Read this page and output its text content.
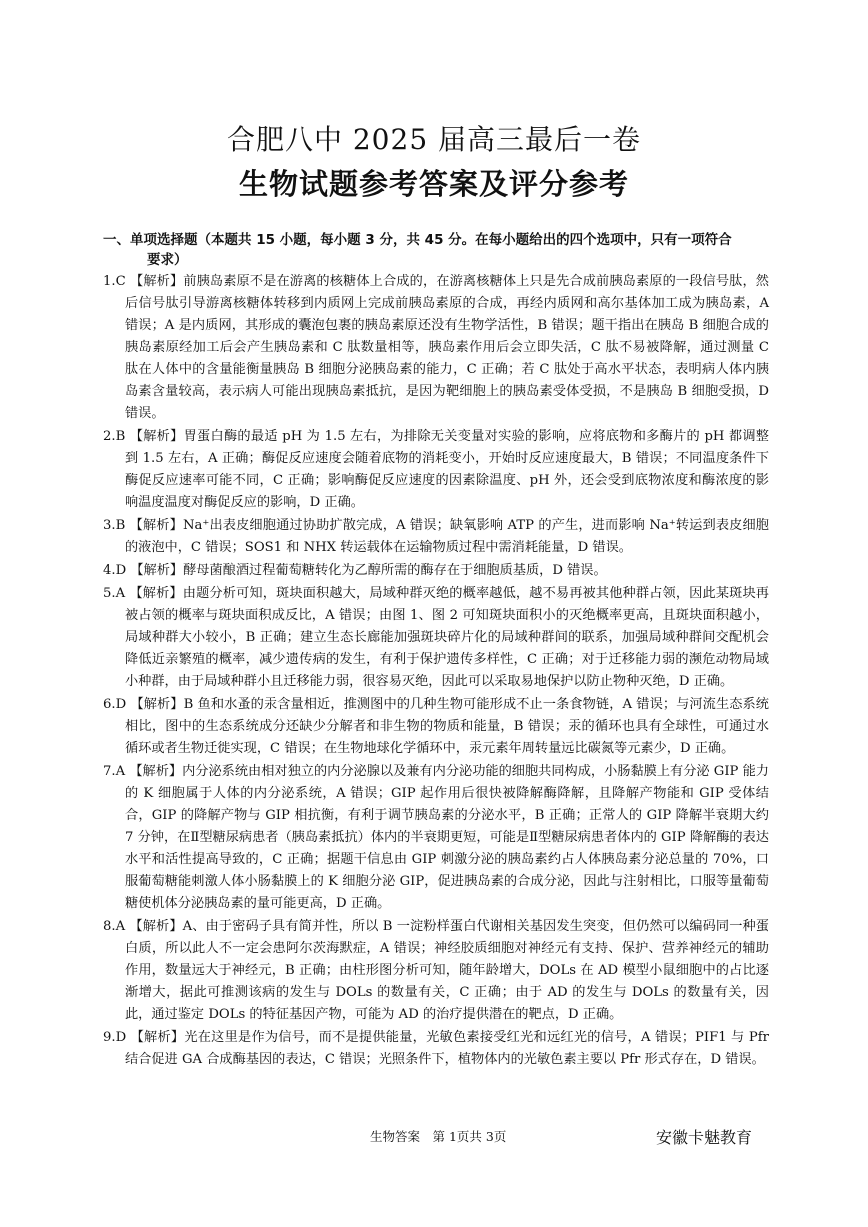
合肥八中 2025 届高三最后一卷
生物试题参考答案及评分参考
一、单项选择题（本题共 15 小题，每小题 3 分，共 45 分。在每小题给出的四个选项中，只有一项符合
要求）

1.C 【解析】前胰岛素原不是在游离的核糖体上合成的，在游离核糖体上只是先合成前胰岛素原的一段信号肽，然后信号肽引导游离核糖体转移到内质网上完成前胰岛素原的合成，再经内质网和高尔基体加工成为胰岛素，A 错误；A 是内质网，其形成的囊泡包裹的胰岛素原还没有生物学活性，B 错误；题干指出在胰岛 B 细胞合成的胰岛素原经加工后会产生胰岛素和 C 肽数量相等，胰岛素作用后会立即失活，C 肽不易被降解，通过测量 C 肽在人体中的含量能衡量胰岛 B 细胞分泌胰岛素的能力，C 正确；若 C 肽处于高水平状态，表明病人体内胰岛素含量较高，表示病人可能出现胰岛素抵抗，是因为靶细胞上的胰岛素受体受损，不是胰岛 B 细胞受损，D 错误。

2.B 【解析】胃蛋白酶的最适 pH 为 1.5 左右，为排除无关变量对实验的影响，应将底物和多酶片的 pH 都调整到 1.5 左右，A 正确；酶促反应速度会随着底物的消耗变小，开始时反应速度最大，B 错误；不同温度条件下酶促反应速率可能不同，C 正确；影响酶促反应速度的因素除温度、pH 外，还会受到底物浓度和酶浓度的影响温度温度对酶促反应的影响，D 正确。

3.B 【解析】Na⁺出表皮细胞通过协助扩散完成，A 错误；缺氧影响 ATP 的产生，进而影响 Na⁺转运到表皮细胞的液泡中，C 错误；SOS1 和 NHX 转运载体在运输物质过程中需消耗能量，D 错误。

4.D 【解析】酵母菌酿酒过程葡萄糖转化为乙醇所需的酶存在于细胞质基质，D 错误。

5.A 【解析】由题分析可知，斑块面积越大，局域种群灭绝的概率越低，越不易再被其他种群占领，因此某斑块再被占领的概率与斑块面积成反比，A 错误；由图 1、图 2 可知斑块面积小的灭绝概率更高，且斑块面积越小，局域种群大小较小，B 正确；建立生态长廊能加强斑块碎片化的局域种群间的联系，加强局域种群间交配机会降低近亲繁殖的概率，减少遗传病的发生，有利于保护遗传多样性，C 正确；对于迁移能力弱的濒危动物局域小种群，由于局域种群小且迁移能力弱，很容易灭绝，因此可以采取易地保护以防止物种灭绝，D 正确。

6.D 【解析】B 鱼和水蚤的汞含量相近，推测图中的几种生物可能形成不止一条食物链，A 错误；与河流生态系统相比，图中的生态系统成分还缺少分解者和非生物的物质和能量，B 错误；汞的循环也具有全球性，可通过水循环或者生物迁徙实现，C 错误；在生物地球化学循环中，汞元素年周转量远比碳氮等元素少，D 正确。

7.A 【解析】内分泌系统由相对独立的内分泌腺以及兼有内分泌功能的细胞共同构成，小肠黏膜上有分泌 GIP 能力的 K 细胞属于人体的内分泌系统，A 错误；GIP 起作用后很快被降解酶降解，且降解产物能和 GIP 受体结合，GIP 的降解产物与 GIP 相抗衡，有利于调节胰岛素的分泌水平，B 正确；正常人的 GIP 降解半衰期大约 7 分钟，在Ⅱ型糖尿病患者（胰岛素抵抗）体内的半衰期更短，可能是Ⅱ型糖尿病患者体内的 GIP 降解酶的表达水平和活性提高导致的，C 正确；据题干信息由 GIP 刺激分泌的胰岛素约占人体胰岛素分泌总量的 70%，口服葡萄糖能刺激人体小肠黏膜上的 K 细胞分泌 GIP，促进胰岛素的合成分泌，因此与注射相比，口服等量葡萄糖使机体分泌胰岛素的量可能更高，D 正确。

8.A 【解析】A、由于密码子具有简并性，所以 B 一淀粉样蛋白代谢相关基因发生突变，但仍然可以编码同一种蛋白质，所以此人不一定会患阿尔茨海默症，A 错误；神经胶质细胞对神经元有支持、保护、营养神经元的辅助作用，数量远大于神经元，B 正确；由柱形图分析可知，随年龄增大，DOLs 在 AD 模型小鼠细胞中的占比逐渐增大，据此可推测该病的发生与 DOLs 的数量有关，C 正确；由于 AD 的发生与 DOLs 的数量有关，因此，通过鉴定 DOLs 的特征基因产物，可能为 AD 的治疗提供潜在的靶点，D 正确。

9.D 【解析】光在这里是作为信号，而不是提供能量，光敏色素接受红光和远红光的信号，A 错误；PIF1 与 Pfr 结合促进 GA 合成酶基因的表达，C 错误；光照条件下，植物体内的光敏色素主要以 Pfr 形式存在，D 错误。

生物答案　第 1页共 3页	安徽卡魅教育
